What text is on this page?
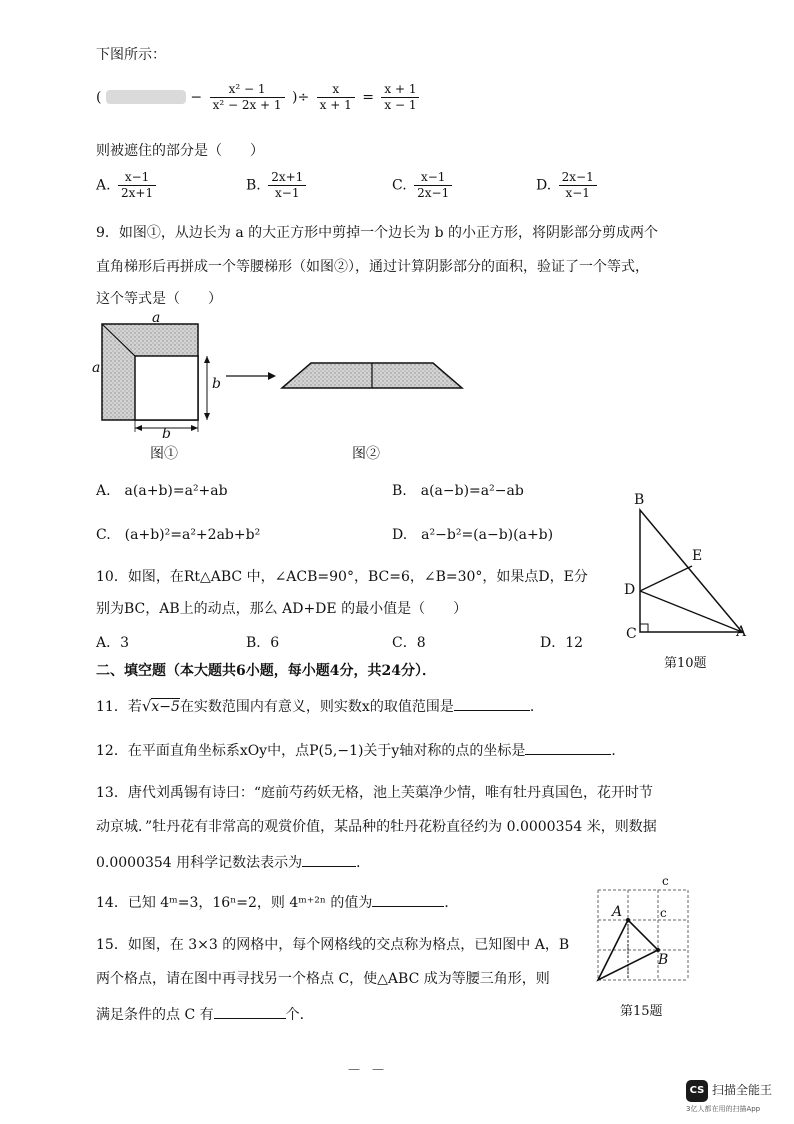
下图所示：
(	− $\frac{\text{x² − 1}}{\text{x² − 2x + 1}}$ )÷ $\frac{x}{x + 1} = \frac{x + 1}{x - 1}$
则被遮住的部分是（　　）
A. $\frac{x-1}{2x+1}$	B. $\frac{2x+1}{x-1}$	C. $\frac{x-1}{2x-1}$	D. $\frac{2x-1}{x-1}$
9．如图①，从边长为 a 的大正方形中剪掉一个边长为 b 的小正方形，将阴影部分剪成两个
直角梯形后再拼成一个等腰梯形（如图②），通过计算阴影部分的面积，验证了一个等式，
这个等式是（　　）
a
a
b
b
图①	图②
A.　a(a+b)=a²+ab	B.　a(a−b)=a²−ab
C.　(a+b)²=a²+2ab+b²	D.　a²−b²=(a−b)(a+b)
B
E
D
C	A
第10题
10．如图，在Rt△ABC 中，∠ACB=90°，BC=6，∠B=30°，如果点D，E分
别为BC，AB上的动点，那么 AD+DE 的最小值是（　　）
A．3	B．6	C．8	D．12
二、填空题（本大题共6小题，每小题4分，共24分）．
11．若√x−5在实数范围内有意义，则实数x的取值范围是	．
12．在平面直角坐标系xOy中，点P(5,−1)关于y轴对称的点的坐标是	．
13．唐代刘禹锡有诗曰：“庭前芍药妖无格，池上芙蕖净少情，唯有牡丹真国色，花开时节
动京城．”牡丹花有非常高的观赏价值，某品种的牡丹花粉直径约为 0.0000354 米，则数据
0.0000354 用科学记数法表示为	．
14．已知 4ᵐ=3，16ⁿ=2，则 4ᵐ⁺²ⁿ 的值为	．
15．如图，在 3×3 的网格中，每个网格线的交点称为格点，已知图中 A，B
两个格点，请在图中再寻找另一个格点 C，使△ABC 成为等腰三角形，则
满足条件的点 C 有	个．
A
B
c
c
第15题
—　—
CS 扫描全能王
3亿人都在用的扫描App
